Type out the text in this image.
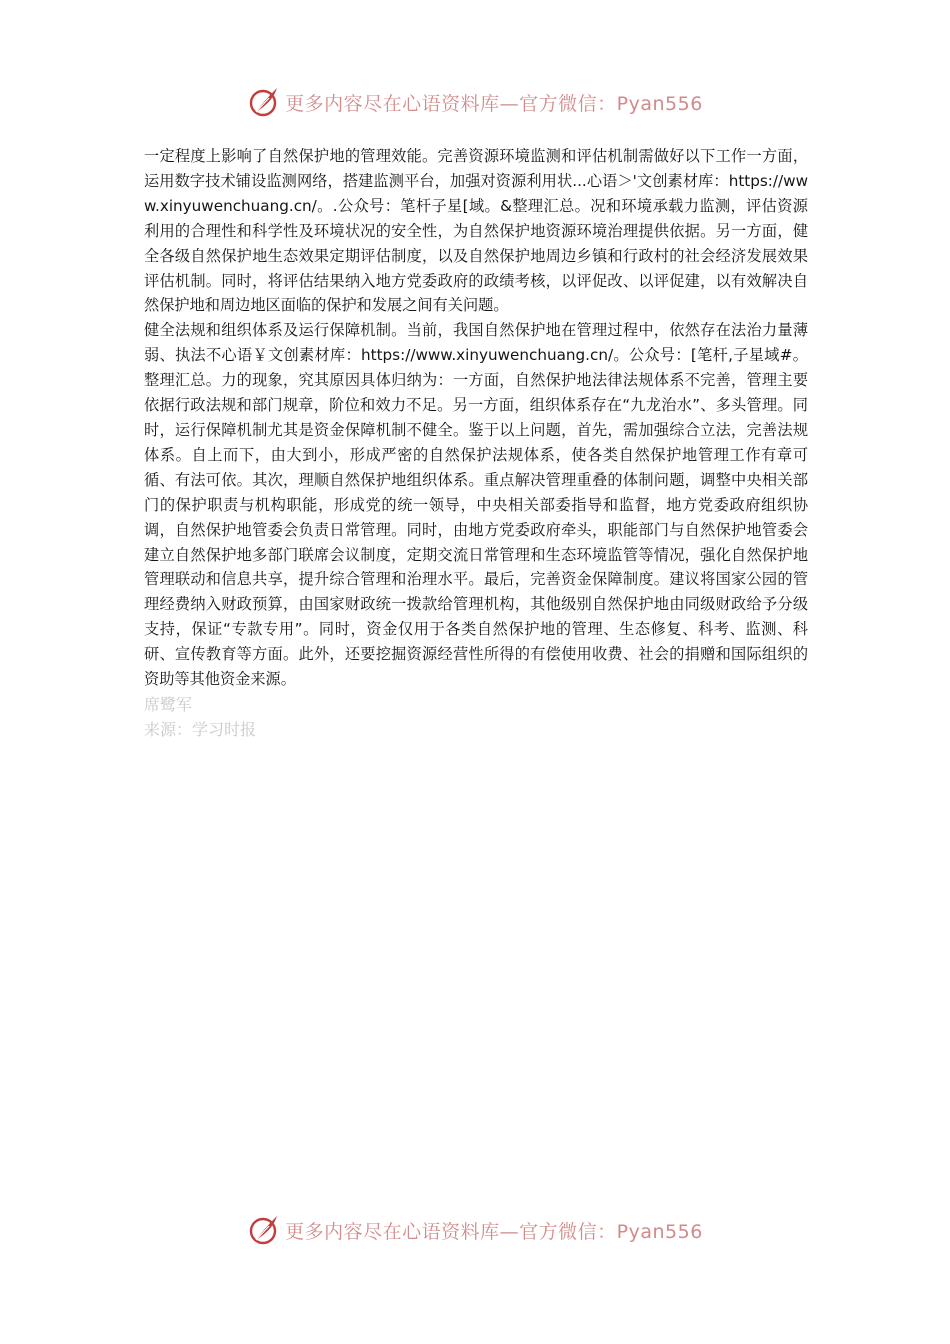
更多内容尽在心语资料库—官方微信：Pyan556

一定程度上影响了自然保护地的管理效能。完善资源环境监测和评估机制需做好以下工作一方面，运用数字技术铺设监测网络，搭建监测平台，加强对资源利用状...心语＞'文创素材库：https://www.xinyuwenchuang.cn/。.公众号：笔杆子星[域。&整理汇总。况和环境承载力监测，评估资源利用的合理性和科学性及环境状况的安全性，为自然保护地资源环境治理提供依据。另一方面，健全各级自然保护地生态效果定期评估制度，以及自然保护地周边乡镇和行政村的社会经济发展效果评估机制。同时，将评估结果纳入地方党委政府的政绩考核，以评促改、以评促建，以有效解决自然保护地和周边地区面临的保护和发展之间有关问题。

健全法规和组织体系及运行保障机制。当前，我国自然保护地在管理过程中，依然存在法治力量薄弱、执法不心语￥文创素材库：https://www.xinyuwenchuang.cn/。公众号：[笔杆,子星域#。整理汇总。力的现象，究其原因具体归纳为：一方面，自然保护地法律法规体系不完善，管理主要依据行政法规和部门规章，阶位和效力不足。另一方面，组织体系存在“九龙治水”、多头管理。同时，运行保障机制尤其是资金保障机制不健全。鉴于以上问题，首先，需加强综合立法，完善法规体系。自上而下，由大到小，形成严密的自然保护法规体系，使各类自然保护地管理工作有章可循、有法可依。其次，理顺自然保护地组织体系。重点解决管理重叠的体制问题，调整中央相关部门的保护职责与机构职能，形成党的统一领导，中央相关部委指导和监督，地方党委政府组织协调，自然保护地管委会负责日常管理。同时，由地方党委政府牵头，职能部门与自然保护地管委会建立自然保护地多部门联席会议制度，定期交流日常管理和生态环境监管等情况，强化自然保护地管理联动和信息共享，提升综合管理和治理水平。最后，完善资金保障制度。建议将国家公园的管理经费纳入财政预算，由国家财政统一拨款给管理机构，其他级别自然保护地由同级财政给予分级支持，保证“专款专用”。同时，资金仅用于各类自然保护地的管理、生态修复、科考、监测、科研、宣传教育等方面。此外，还要挖掘资源经营性所得的有偿使用收费、社会的捐赠和国际组织的资助等其他资金来源。

席鹭军

来源：学习时报

更多内容尽在心语资料库—官方微信：Pyan556
